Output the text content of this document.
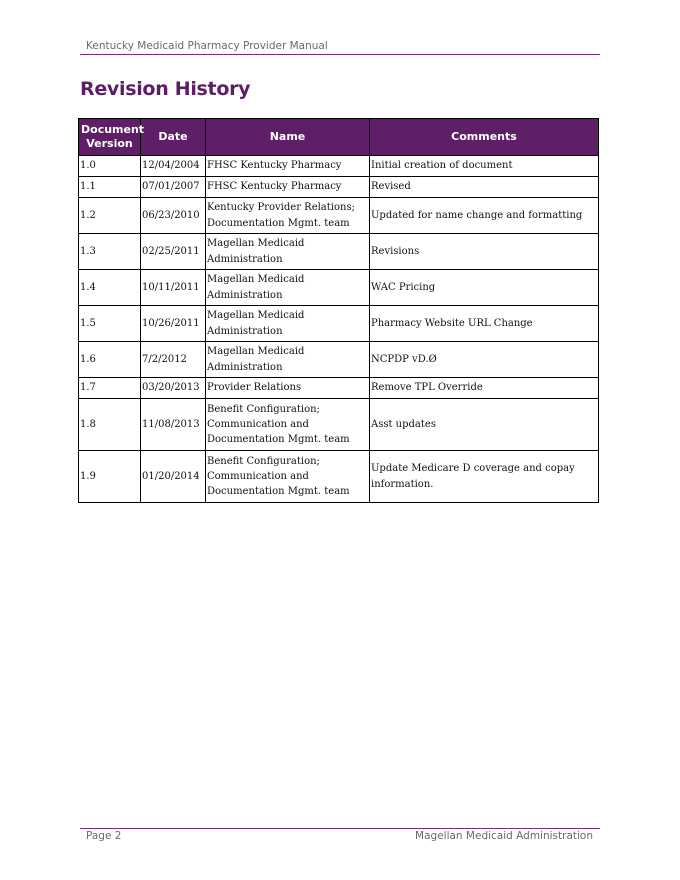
Kentucky Medicaid Pharmacy Provider Manual
Revision History
Document Version	Date	Name	Comments
1.0	12/04/2004	FHSC Kentucky Pharmacy	Initial creation of document
1.1	07/01/2007	FHSC Kentucky Pharmacy	Revised
1.2	06/23/2010	Kentucky Provider Relations; Documentation Mgmt. team	Updated for name change and formatting
1.3	02/25/2011	Magellan Medicaid Administration	Revisions
1.4	10/11/2011	Magellan Medicaid Administration	WAC Pricing
1.5	10/26/2011	Magellan Medicaid Administration	Pharmacy Website URL Change
1.6	7/2/2012	Magellan Medicaid Administration	NCPDP vD.Ø
1.7	03/20/2013	Provider Relations	Remove TPL Override
1.8	11/08/2013	Benefit Configuration; Communication and Documentation Mgmt. team	Asst updates
1.9	01/20/2014	Benefit Configuration; Communication and Documentation Mgmt. team	Update Medicare D coverage and copay information.
Page 2	Magellan Medicaid Administration
